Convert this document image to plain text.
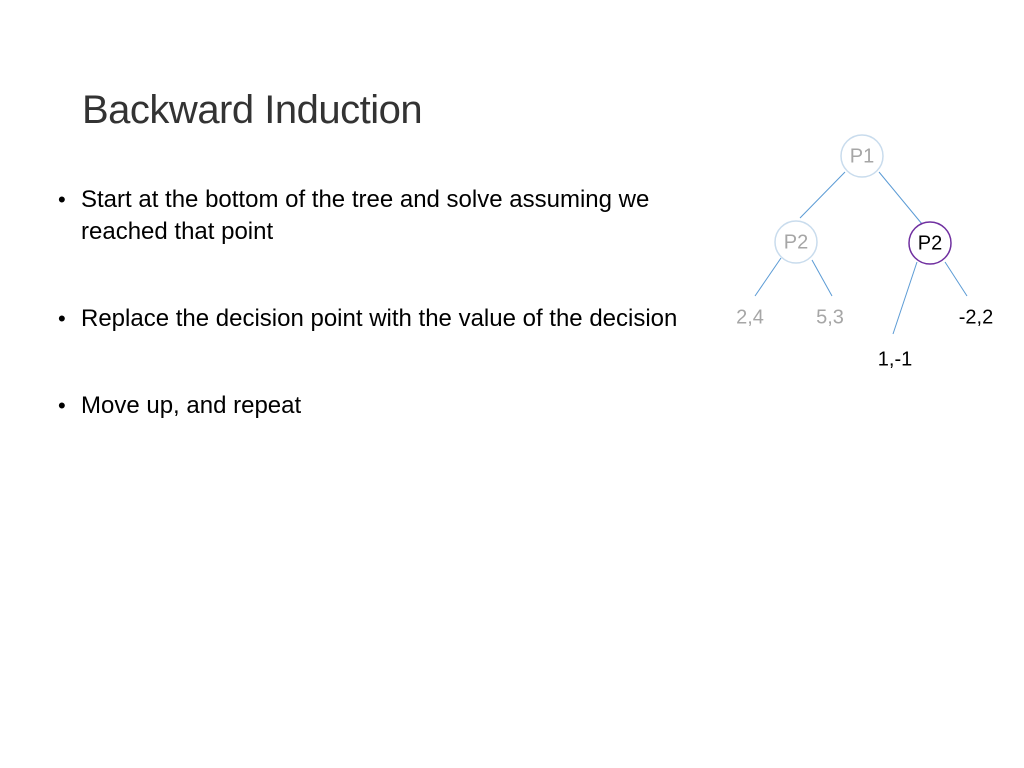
Backward Induction
• Start at the bottom of the tree and solve assuming we reached that point
• Replace the decision point with the value of the decision
• Move up, and repeat
P1
P2	P2
2,4	5,3
1,-1
-2,2
